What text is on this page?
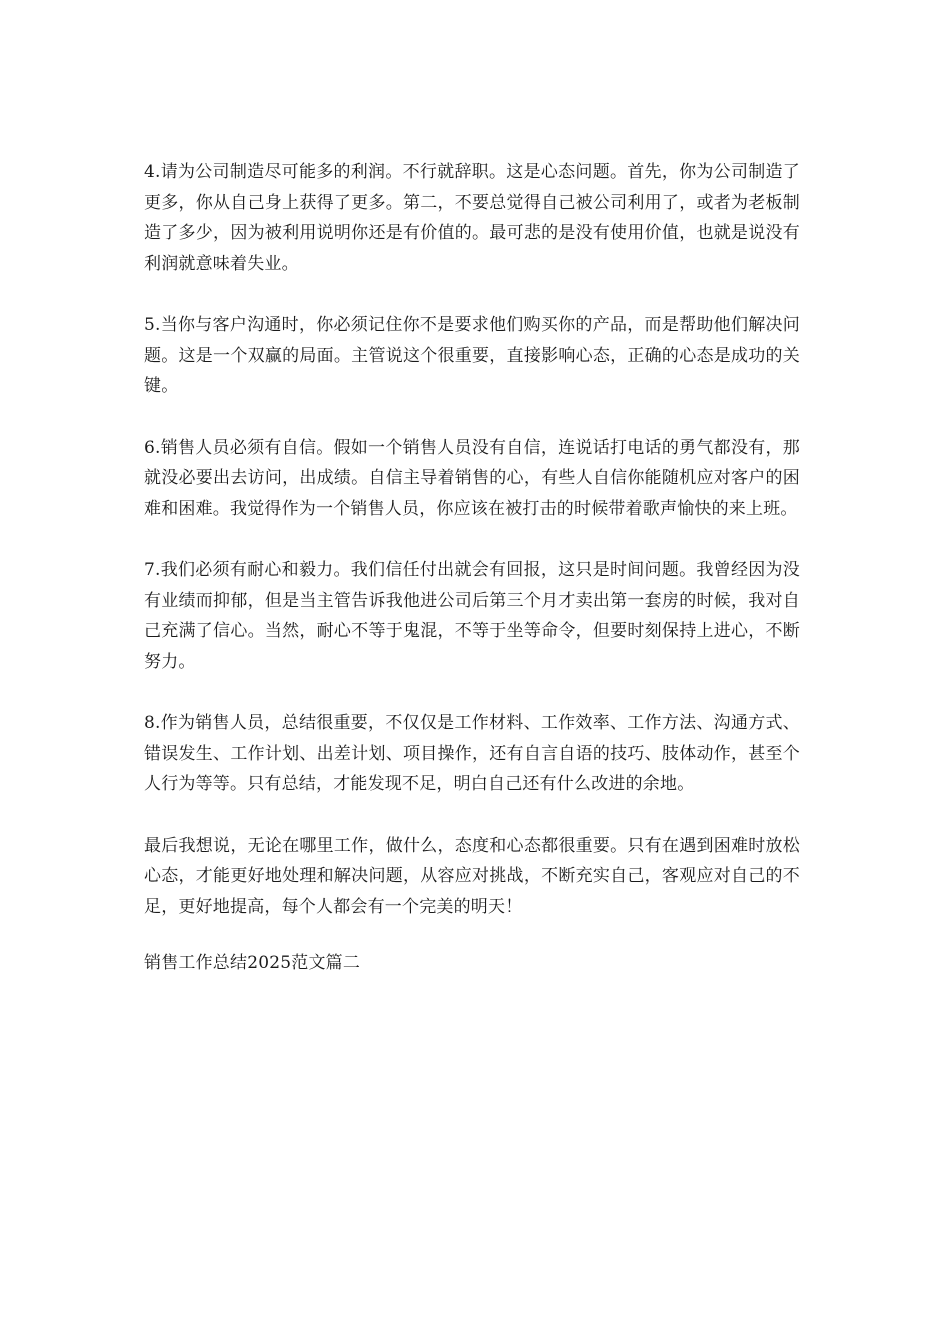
4.请为公司制造尽可能多的利润。不行就辞职。这是心态问题。首先，你为公司制造了更多，你从自己身上获得了更多。第二，不要总觉得自己被公司利用了，或者为老板制造了多少，因为被利用说明你还是有价值的。最可悲的是没有使用价值，也就是说没有利润就意味着失业。

5.当你与客户沟通时，你必须记住你不是要求他们购买你的产品，而是帮助他们解决问题。这是一个双赢的局面。主管说这个很重要，直接影响心态，正确的心态是成功的关键。

6.销售人员必须有自信。假如一个销售人员没有自信，连说话打电话的勇气都没有，那就没必要出去访问，出成绩。自信主导着销售的心，有些人自信你能随机应对客户的困难和困难。我觉得作为一个销售人员，你应该在被打击的时候带着歌声愉快的来上班。

7.我们必须有耐心和毅力。我们信任付出就会有回报，这只是时间问题。我曾经因为没有业绩而抑郁，但是当主管告诉我他进公司后第三个月才卖出第一套房的时候，我对自己充满了信心。当然，耐心不等于鬼混，不等于坐等命令，但要时刻保持上进心，不断努力。

8.作为销售人员，总结很重要，不仅仅是工作材料、工作效率、工作方法、沟通方式、错误发生、工作计划、出差计划、项目操作，还有自言自语的技巧、肢体动作，甚至个人行为等等。只有总结，才能发现不足，明白自己还有什么改进的余地。

最后我想说，无论在哪里工作，做什么，态度和心态都很重要。只有在遇到困难时放松心态，才能更好地处理和解决问题，从容应对挑战，不断充实自己，客观应对自己的不足，更好地提高，每个人都会有一个完美的明天！

销售工作总结2025范文篇二
